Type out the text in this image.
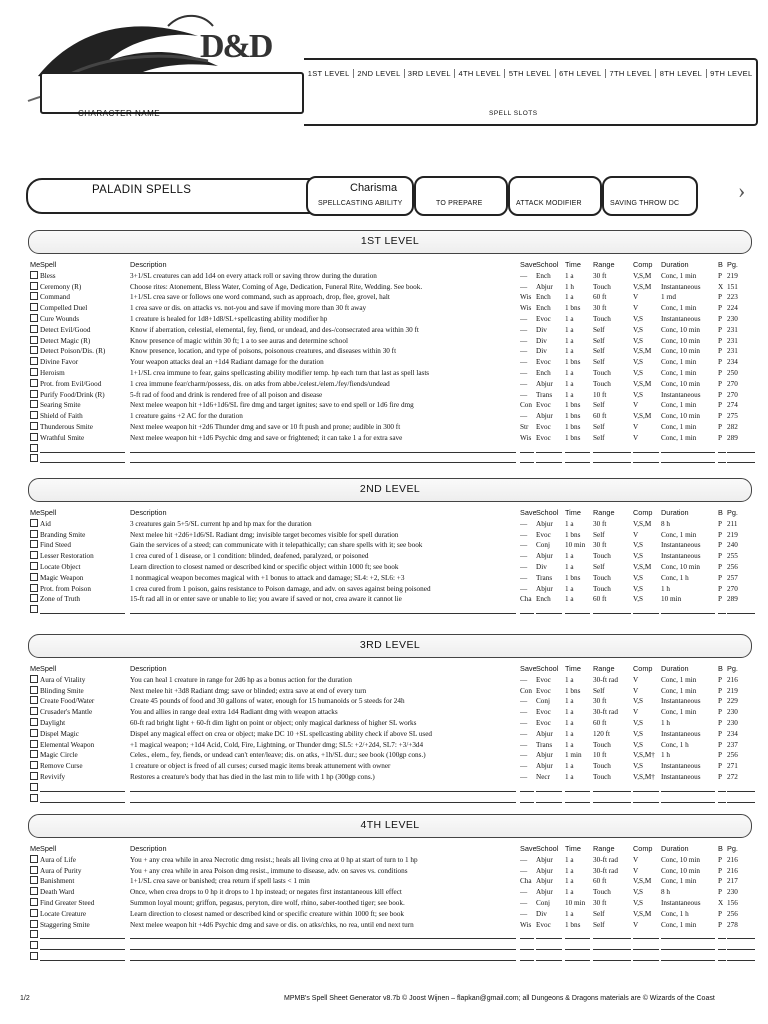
D&D
CHARACTER NAME
1ST LEVEL	2ND LEVEL 3RD LEVEL	4TH LEVEL	5TH LEVEL	6TH LEVEL	7TH LEVEL	8TH LEVEL	9TH LEVEL
SPELL SLOTS
PALADIN SPELLS	Charisma
SPELLCASTING ABILITY	TO PREPARE	ATTACK MODIFIER	SAVING THROW DC
›
1ST LEVEL
Me Spell	Description	Save School Time	Range	Comp	Duration	B Pg.
Bless	3+1/SL creatures can add 1d4 on every attack roll or saving throw during the duration	—	Ench	1 a	30 ft	V,S,M	Conc, 1 min	P 219
Ceremony (R)	Choose rites: Atonement, Bless Water, Coming of Age, Dedication, Funeral Rite, Wedding. See book.	—	Abjur	1 h	Touch	V,S,M	Instantaneous	X 151
Command	1+1/SL crea save or follows one word command, such as approach, drop, flee, grovel, halt	Wis Ench	1 a	60 ft	V	1 rnd	P 223
Compelled Duel	1 crea save or dis. on attacks vs. not-you and save if moving more than 30 ft away	Wis Ench	1 bns	30 ft	V	Conc, 1 min	P 224
Cure Wounds	1 creature is healed for 1d8+1d8/SL+spellcasting ability modifier hp	—	Evoc	1 a	Touch	V,S	Instantaneous	P 230
Detect Evil/Good	Know if aberration, celestial, elemental, fey, fiend, or undead, and des-/consecrated area within 30 ft	—	Div	1 a	Self	V,S	Conc, 10 min	P 231
Detect Magic (R)	Know presence of magic within 30 ft; 1 a to see auras and determine school	—	Div	1 a	Self	V,S	Conc, 10 min	P 231
Detect Poison/Dis. (R)	Know presence, location, and type of poisons, poisonous creatures, and diseases within 30 ft	—	Div	1 a	Self	V,S,M	Conc, 10 min	P 231
Divine Favor	Your weapon attacks deal an +1d4 Radiant damage for the duration	—	Evoc	1 bns	Self	V,S	Conc, 1 min	P 234
Heroism	1+1/SL crea immune to fear, gains spellcasting ability modifier temp. hp each turn that last as spell lasts	—	Ench	1 a	Touch	V,S	Conc, 1 min	P 250
Prot. from Evil/Good	1 crea immune fear/charm/possess, dis. on atks from abbe./celest./elem./fey/fiends/undead	—	Abjur	1 a	Touch	V,S,M	Conc, 10 min	P 270
Purify Food/Drink (R)	5-ft rad of food and drink is rendered free of all poison and disease	—	Trans	1 a	10 ft	V,S	Instantaneous	P 270
Searing Smite	Next melee weapon hit +1d6+1d6/SL fire dmg and target ignites; save to end spell or 1d6 fire dmg	Con Evoc	1 bns	Self	V	Conc, 1 min	P 274
Shield of Faith	1 creature gains +2 AC for the duration	—	Abjur	1 bns	60 ft	V,S,M	Conc, 10 min	P 275
Thunderous Smite	Next melee weapon hit +2d6 Thunder dmg and save or 10 ft push and prone; audible in 300 ft	Str	Evoc	1 bns	Self	V	Conc, 1 min	P 282
Wrathful Smite	Next melee weapon hit +1d6 Psychic dmg and save or frightened; it can take 1 a for extra save	Wis Evoc	1 bns	Self	V	Conc, 1 min	P 289
2ND LEVEL
Me Spell	Description	Save School Time	Range	Comp	Duration	B Pg.
Aid	3 creatures gain 5+5/SL current hp and hp max for the duration	—	Abjur	1 a	30 ft	V,S,M	8 h	P 211
Branding Smite	Next melee hit +2d6+1d6/SL Radiant dmg; invisible target becomes visible for spell duration	—	Evoc	1 bns	Self	V	Conc, 1 min	P 219
Find Steed	Gain the services of a steed; can communicate with it telepathically; can share spells with it; see book	—	Conj	10 min	30 ft	V,S	Instantaneous	P 240
Lesser Restoration	1 crea cured of 1 disease, or 1 condition: blinded, deafened, paralyzed, or poisoned	—	Abjur	1 a	Touch	V,S	Instantaneous	P 255
Locate Object	Learn direction to closest named or described kind or specific object within 1000 ft; see book	—	Div	1 a	Self	V,S,M	Conc, 10 min	P 256
Magic Weapon	1 nonmagical weapon becomes magical with +1 bonus to attack and damage; SL4: +2, SL6: +3	—	Trans	1 bns	Touch	V,S	Conc, 1 h	P 257
Prot. from Poison	1 crea cured from 1 poison, gains resistance to Poison damage, and adv. on saves against being poisoned	—	Abjur	1 a	Touch	V,S	1 h	P 270
Zone of Truth	15-ft rad all in or enter save or unable to lie; you aware if saved or not, crea aware it cannot lie	Cha Ench	1 a	60 ft	V,S	10 min	P 289
3RD LEVEL
Me Spell	Description	Save School Time	Range	Comp	Duration	B Pg.
Aura of Vitality	You can heal 1 creature in range for 2d6 hp as a bonus action for the duration	—	Evoc	1 a	30-ft rad	V	Conc, 1 min	P 216
Blinding Smite	Next melee hit +3d8 Radiant dmg; save or blinded; extra save at end of every turn	Con Evoc	1 bns	Self	V	Conc, 1 min	P 219
Create Food/Water	Create 45 pounds of food and 30 gallons of water, enough for 15 humanoids or 5 steeds for 24h	—	Conj	1 a	30 ft	V,S	Instantaneous	P 229
Crusader's Mantle	You and allies in range deal extra 1d4 Radiant dmg with weapon attacks	—	Evoc	1 a	30-ft rad	V	Conc, 1 min	P 230
Daylight	60-ft rad bright light + 60-ft dim light on point or object; only magical darkness of higher SL works	—	Evoc	1 a	60 ft	V,S	1 h	P 230
Dispel Magic	Dispel any magical effect on crea or object; make DC 10 +SL spellcasting ability check if above SL used	—	Abjur	1 a	120 ft	V,S	Instantaneous	P 234
Elemental Weapon	+1 magical weapon; +1d4 Acid, Cold, Fire, Lightning, or Thunder dmg; SL5: +2/+2d4, SL7: +3/+3d4	—	Trans	1 a	Touch	V,S	Conc, 1 h	P 237
Magic Circle	Celes., elem., fey, fiends, or undead can't enter/leave; dis. on atks, +1h/SL dur.; see book (100gp cons.)	—	Abjur	1 min	10 ft	V,S,M† 1 h	P 256
Remove Curse	1 creature or object is freed of all curses; cursed magic items break attunement with owner	—	Abjur	1 a	Touch	V,S	Instantaneous	P 271
Revivify	Restores a creature's body that has died in the last min to life with 1 hp (300gp cons.)	—	Necr	1 a	Touch	V,S,M† Instantaneous	P 272
4TH LEVEL
Me Spell	Description	Save School Time	Range	Comp	Duration	B Pg.
Aura of Life	You + any crea while in area Necrotic dmg resist.; heals all living crea at 0 hp at start of turn to 1 hp	—	Abjur	1 a	30-ft rad	V	Conc, 10 min	P 216
Aura of Purity	You + any crea while in area Poison dmg resist., immune to disease, adv. on saves vs. conditions	—	Abjur	1 a	30-ft rad	V	Conc, 10 min	P 216
Banishment	1+1/SL crea save or banished; crea return if spell lasts < 1 min	Cha Abjur	1 a	60 ft	V,S,M	Conc, 1 min	P 217
Death Ward	Once, when crea drops to 0 hp it drops to 1 hp instead; or negates first instantaneous kill effect	—	Abjur	1 a	Touch	V,S	8 h	P 230
Find Greater Steed	Summon loyal mount; griffon, pegasus, peryton, dire wolf, rhino, saber-toothed tiger; see book.	—	Conj	10 min	30 ft	V,S	Instantaneous	X 156
Locate Creature	Learn direction to closest named or described kind or specific creature within 1000 ft; see book	—	Div	1 a	Self	V,S,M	Conc, 1 h	P 256
Staggering Smite	Next melee weapon hit +4d6 Psychic dmg and save or dis. on atks/chks, no rea, until end next turn	Wis Evoc	1 bns	Self	V	Conc, 1 min	P 278
1/2	MPMB's Spell Sheet Generator v8.7b © Joost Wijnen – flapkan@gmail.com; all Dungeons & Dragons materials are © Wizards of the Coast
